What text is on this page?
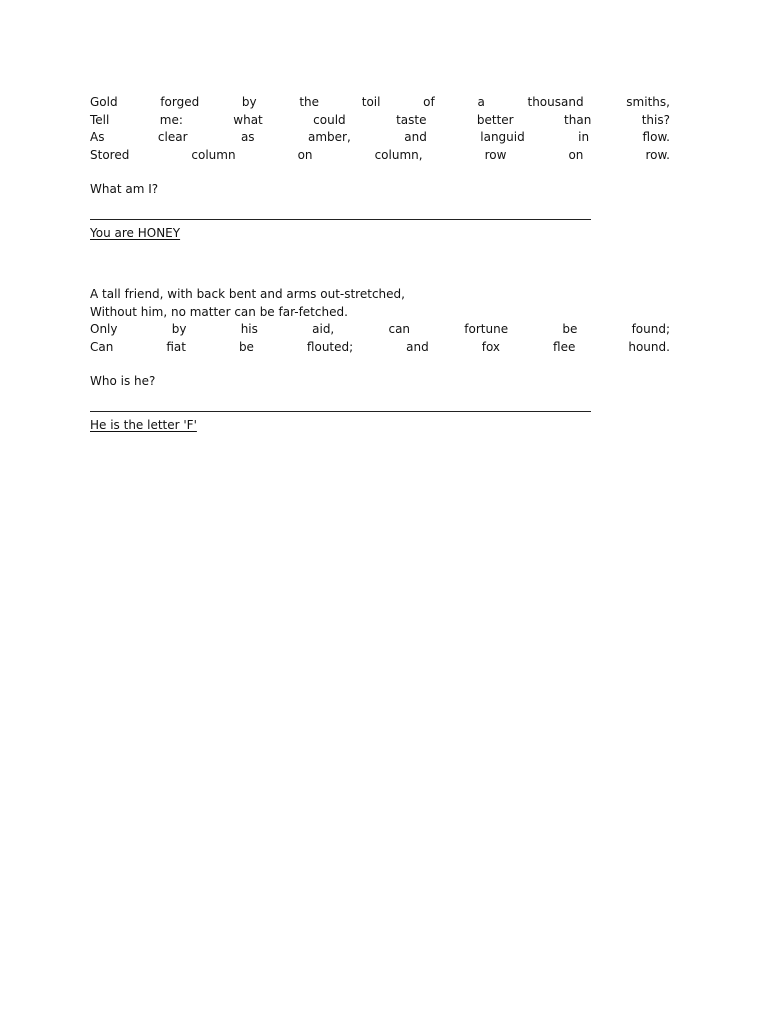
Gold	forged	by	the	toil	of	a	thousand	smiths,
Tell	me:	what	could	taste	better	than	this?
As	clear	as	amber,	and	languid	in	flow.
Stored	column	on	column,	row	on	row.
What am I?
You are HONEY
A tall friend, with back bent and arms out-stretched,
Without him, no matter can be far-fetched.
Only	by	his	aid,	can	fortune	be	found;
Can	fiat	be	flouted;	and	fox	flee	hound.
Who is he?
He is the letter 'F'
